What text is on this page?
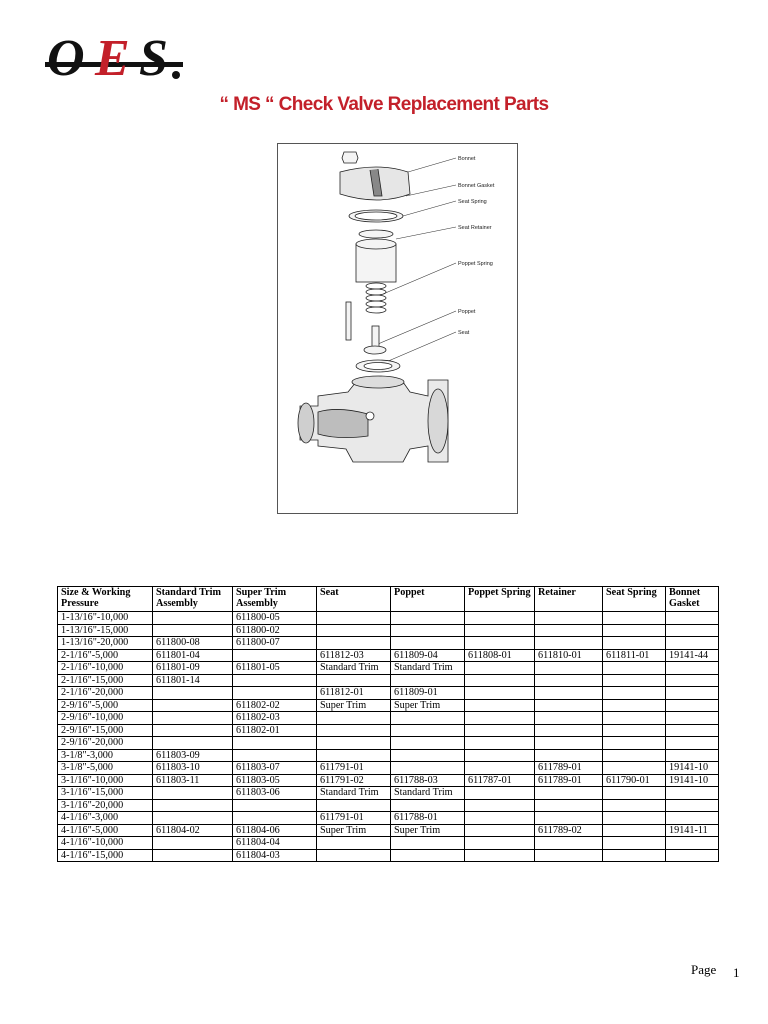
O E S
“ MS “ Check Valve Replacement Parts
Bonnet
Bonnet Gasket
Seat Spring
Seat Retainer
Poppet Spring
Poppet
Seat
Size & Working Pressure	Standard Trim Assembly	Super Trim Assembly	Seat	Poppet	Poppet Spring	Retainer	Seat Spring	Bonnet Gasket
1-13/16"-10,000		611800-05						
1-13/16"-15,000		611800-02						
1-13/16"-20,000	611800-08	611800-07						
2-1/16"-5,000	611801-04		611812-03	611809-04	611808-01	611810-01	611811-01	19141-44
2-1/16"-10,000	611801-09	611801-05	Standard Trim	Standard Trim				
2-1/16"-15,000	611801-14							
2-1/16"-20,000			611812-01	611809-01				
2-9/16"-5,000		611802-02	Super Trim	Super Trim				
2-9/16"-10,000		611802-03						
2-9/16"-15,000		611802-01						
2-9/16"-20,000								
3-1/8"-3,000	611803-09							
3-1/8"-5,000	611803-10	611803-07	611791-01			611789-01		19141-10
3-1/16"-10,000	611803-11	611803-05	611791-02	611788-03	611787-01	611789-01	611790-01	19141-10
3-1/16"-15,000		611803-06	Standard Trim	Standard Trim				
3-1/16"-20,000								
4-1/16"-3,000			611791-01	611788-01				
4-1/16"-5,000	611804-02	611804-06	Super Trim	Super Trim		611789-02		19141-11
4-1/16"-10,000		611804-04						
4-1/16"-15,000		611804-03						
Page 1
